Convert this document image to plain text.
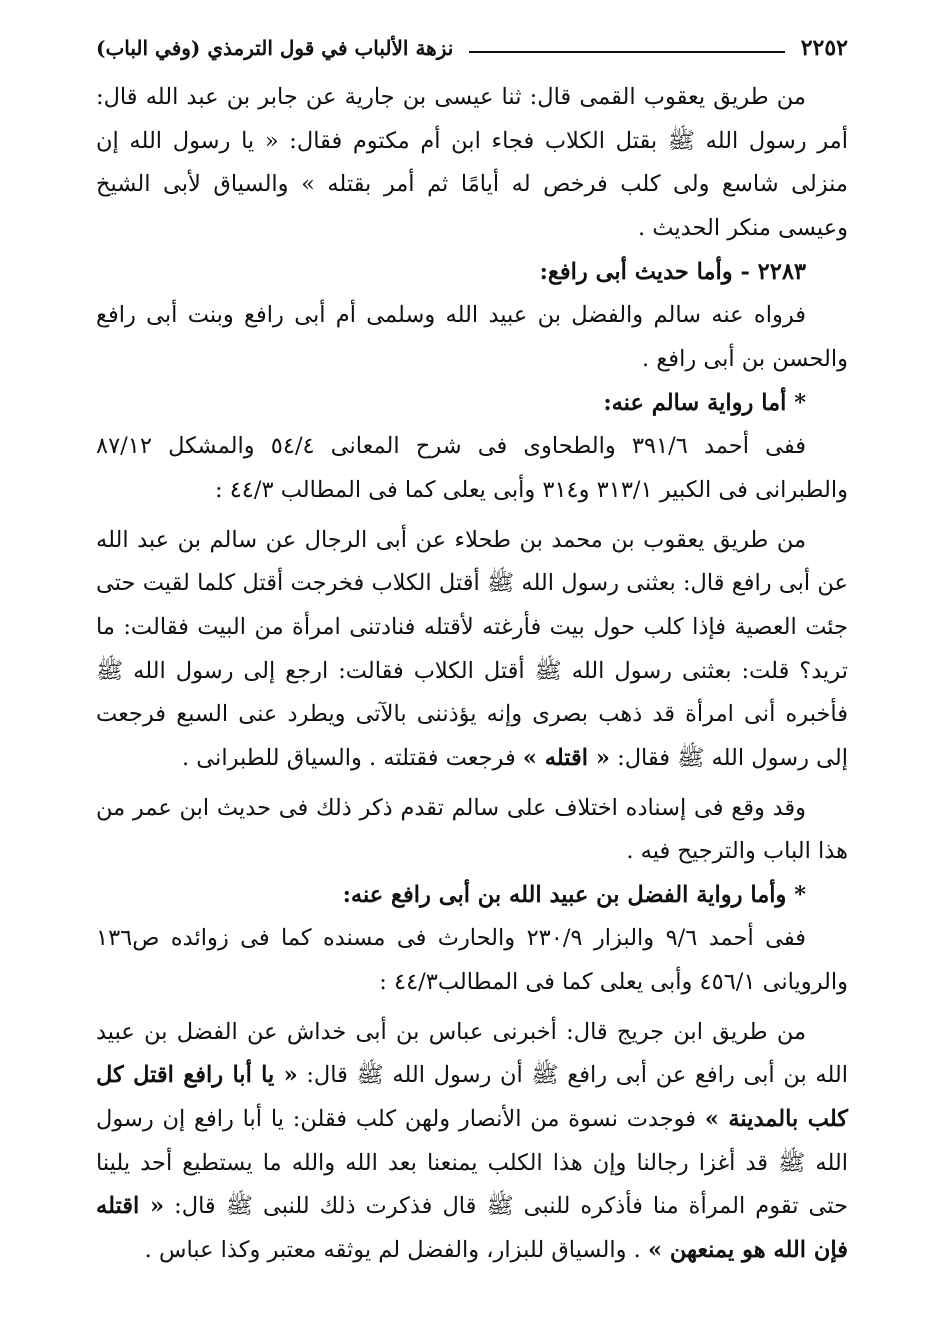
٢٢٥٢
نزهة الألباب في قول الترمذي (وفي الباب)

من طريق يعقوب القمى قال: ثنا عيسى بن جارية عن جابر بن عبد الله قال: أمر رسول الله ﷺ بقتل الكلاب فجاء ابن أم مكتوم فقال: « يا رسول الله إن منزلى شاسع ولى كلب فرخص له أيامًا ثم أمر بقتله » والسياق لأبى الشيخ وعيسى منكر الحديث .

٢٢٨٣ - وأما حديث أبى رافع:

فرواه عنه سالم والفضل بن عبيد الله وسلمى أم أبى رافع وبنت أبى رافع والحسن بن أبى رافع .

* أما رواية سالم عنه:

ففى أحمد ٣٩١/٦ والطحاوى فى شرح المعانى ٥٤/٤ والمشكل ٨٧/١٢ والطبرانى فى الكبير ٣١٣/١ و٣١٤ وأبى يعلى كما فى المطالب ٤٤/٣ :

من طريق يعقوب بن محمد بن طحلاء عن أبى الرجال عن سالم بن عبد الله عن أبى رافع قال: بعثنى رسول الله ﷺ أقتل الكلاب فخرجت أقتل كلما لقيت حتى جئت العصية فإذا كلب حول بيت فأرغته لأقتله فنادتنى امرأة من البيت فقالت: ما تريد؟ قلت: بعثنى رسول الله ﷺ أقتل الكلاب فقالت: ارجع إلى رسول الله ﷺ فأخبره أنى امرأة قد ذهب بصرى وإنه يؤذننى بالآتى ويطرد عنى السبع فرجعت إلى رسول الله ﷺ فقال: « اقتله » فرجعت فقتلته . والسياق للطبرانى .

وقد وقع فى إسناده اختلاف على سالم تقدم ذكر ذلك فى حديث ابن عمر من هذا الباب والترجيح فيه .

* وأما رواية الفضل بن عبيد الله بن أبى رافع عنه:

ففى أحمد ٩/٦ والبزار ٢٣٠/٩ والحارث فى مسنده كما فى زوائده ص١٣٦ والرويانى ٤٥٦/١ وأبى يعلى كما فى المطالب٤٤/٣ :

من طريق ابن جريج قال: أخبرنى عباس بن أبى خداش عن الفضل بن عبيد الله بن أبى رافع عن أبى رافع ﷺ أن رسول الله ﷺ قال: « يا أبا رافع اقتل كل كلب بالمدينة » فوجدت نسوة من الأنصار ولهن كلب فقلن: يا أبا رافع إن رسول الله ﷺ قد أغزا رجالنا وإن هذا الكلب يمنعنا بعد الله والله ما يستطيع أحد يلينا حتى تقوم المرأة منا فأذكره للنبى ﷺ قال فذكرت ذلك للنبى ﷺ قال: « اقتله فإن الله هو يمنعهن » . والسياق للبزار، والفضل لم يوثقه معتبر وكذا عباس .
